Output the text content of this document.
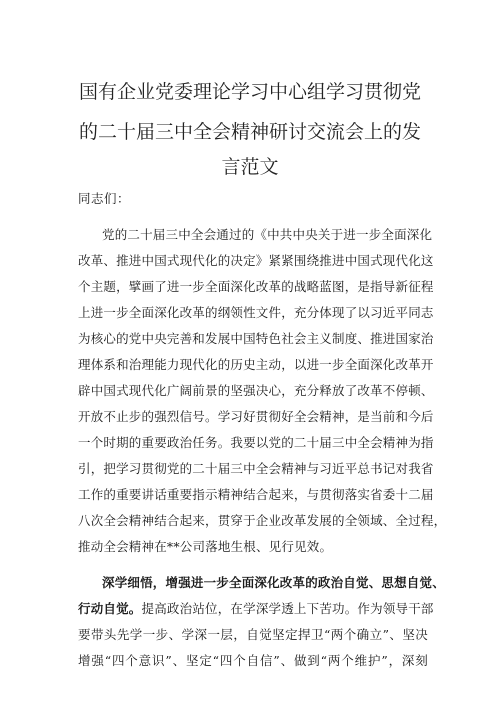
国有企业党委理论学习中心组学习贯彻党
的二十届三中全会精神研讨交流会上的发
言范文

同志们：

党的二十届三中全会通过的《中共中央关于进一步全面深化

改革、推进中国式现代化的决定》紧紧围绕推进中国式现代化这

个主题，擘画了进一步全面深化改革的战略蓝图，是指导新征程

上进一步全面深化改革的纲领性文件，充分体现了以习近平同志

为核心的党中央完善和发展中国特色社会主义制度、推进国家治

理体系和治理能力现代化的历史主动，以进一步全面深化改革开

辟中国式现代化广阔前景的坚强决心，充分释放了改革不停顿、

开放不止步的强烈信号。学习好贯彻好全会精神，是当前和今后

一个时期的重要政治任务。我要以党的二十届三中全会精神为指

引，把学习贯彻党的二十届三中全会精神与习近平总书记对我省

工作的重要讲话重要指示精神结合起来，与贯彻落实省委十二届

八次全会精神结合起来，贯穿于企业改革发展的全领域、全过程，

推动全会精神在**公司落地生根、见行见效。

深学细悟，增强进一步全面深化改革的政治自觉、思想自觉、

行动自觉。提高政治站位，在学深学透上下苦功。作为领导干部

要带头先学一步、学深一层，自觉坚定捍卫“两个确立”、坚决

增强“四个意识”、坚定“四个自信”、做到“两个维护”，深刻
